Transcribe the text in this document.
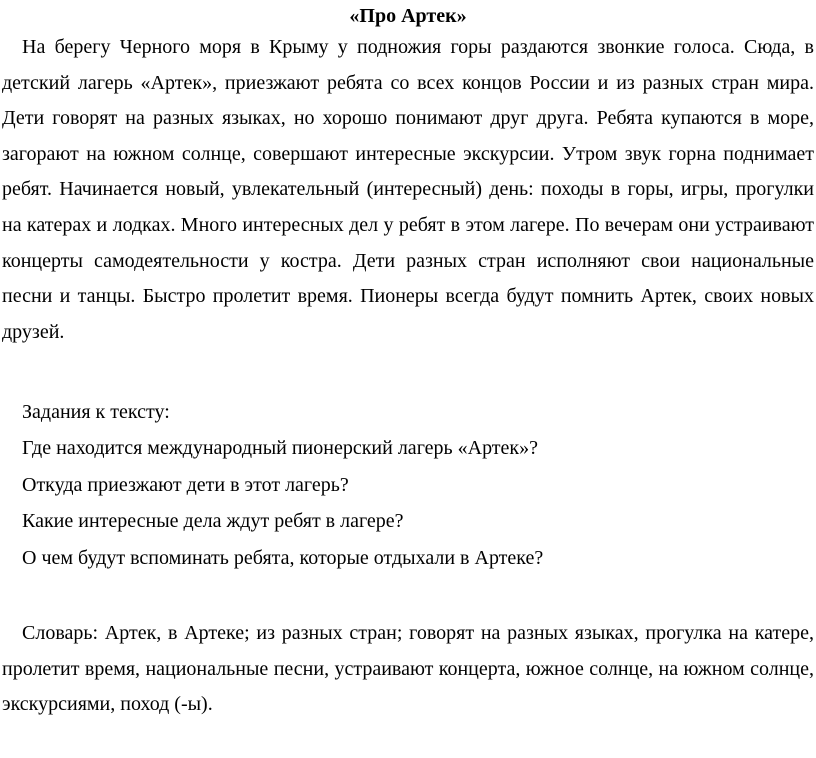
«Про Артек»

На берегу Черного моря в Крыму у подножия горы раздаются звонкие голоса. Сюда, в детский лагерь «Артек», приезжают ребята со всех концов России и из разных стран мира. Дети говорят на разных языках, но хорошо понимают друг друга. Ребята купаются в море, загорают на южном солнце, совершают интересные экскурсии. Утром звук горна поднимает ребят. Начинается новый, увлекательный (интересный) день: походы в горы, игры, прогулки на катерах и лодках. Много интересных дел у ребят в этом лагере. По вечерам они устраивают концерты самодеятельности у костра. Дети разных стран исполняют свои национальные песни и танцы. Быстро пролетит время. Пионеры всегда будут помнить Артек, своих новых друзей.

Задания к тексту:
Где находится международный пионерский лагерь «Артек»?
Откуда приезжают дети в этот лагерь?
Какие интересные дела ждут ребят в лагере?
О чем будут вспоминать ребята, которые отдыхали в Артеке?

Словарь: Артек, в Артеке; из разных стран; говорят на разных языках, прогулка на катере, пролетит время, национальные песни, устраивают концерта, южное солнце, на южном солнце, экскурсиями, поход (-ы).
